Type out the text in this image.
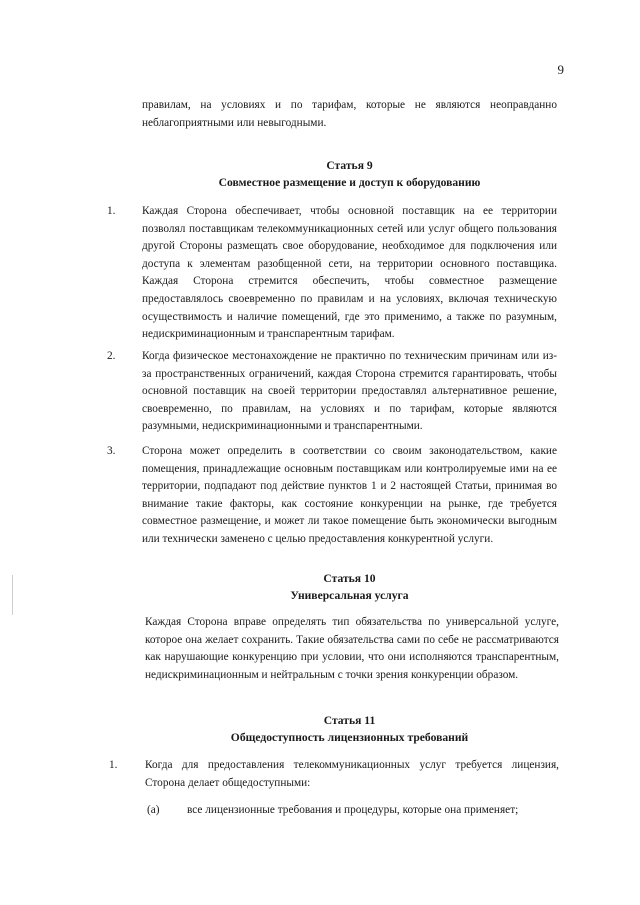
9
правилам, на условиях и по тарифам, которые не являются неоправданно неблагоприятными или невыгодными.
Статья 9
Совместное размещение и доступ к оборудованию
1. Каждая Сторона обеспечивает, чтобы основной поставщик на ее территории позволял поставщикам телекоммуникационных сетей или услуг общего пользования другой Стороны размещать свое оборудование, необходимое для подключения или доступа к элементам разобщенной сети, на территории основного поставщика. Каждая Сторона стремится обеспечить, чтобы совместное размещение предоставлялось своевременно по правилам и на условиях, включая техническую осуществимость и наличие помещений, где это применимо, а также по разумным, недискриминационным и транспарентным тарифам.
2. Когда физическое местонахождение не практично по техническим причинам или из-за пространственных ограничений, каждая Сторона стремится гарантировать, чтобы основной поставщик на своей территории предоставлял альтернативное решение, своевременно, по правилам, на условиях и по тарифам, которые являются разумными, недискриминационными и транспарентными.
3. Сторона может определить в соответствии со своим законодательством, какие помещения, принадлежащие основным поставщикам или контролируемые ими на ее территории, подпадают под действие пунктов 1 и 2 настоящей Статьи, принимая во внимание такие факторы, как состояние конкуренции на рынке, где требуется совместное размещение, и может ли такое помещение быть экономически выгодным или технически заменено с целью предоставления конкурентной услуги.
Статья 10
Универсальная услуга
Каждая Сторона вправе определять тип обязательства по универсальной услуге, которое она желает сохранить. Такие обязательства сами по себе не рассматриваются как нарушающие конкуренцию при условии, что они исполняются транспарентным, недискриминационным и нейтральным с точки зрения конкуренции образом.
Статья 11
Общедоступность лицензионных требований
1. Когда для предоставления телекоммуникационных услуг требуется лицензия, Сторона делает общедоступными:
(a) все лицензионные требования и процедуры, которые она применяет;
